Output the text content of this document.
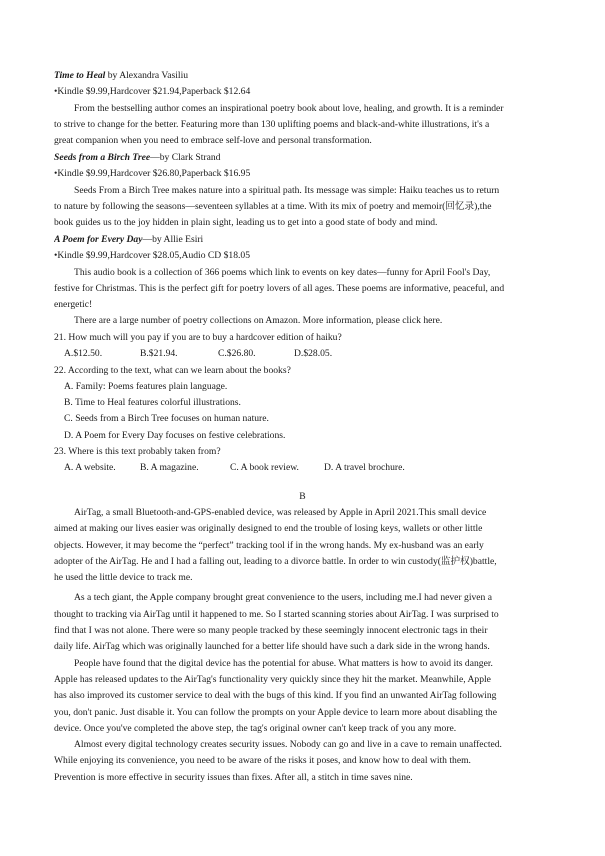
Time to Heal by Alexandra Vasiliu
•Kindle $9.99,Hardcover $21.94,Paperback $12.64
From the bestselling author comes an inspirational poetry book about love, healing, and growth. It is a reminder
to strive to change for the better. Featuring more than 130 uplifting poems and black-and-white illustrations, it's a
great companion when you need to embrace self-love and personal transformation.
Seeds from a Birch Tree—by Clark Strand
•Kindle $9.99,Hardcover $26.80,Paperback $16.95
Seeds From a Birch Tree makes nature into a spiritual path. Its message was simple: Haiku teaches us to return
to nature by following the seasons—seventeen syllables at a time. With its mix of poetry and memoir(回忆录),the
book guides us to the joy hidden in plain sight, leading us to get into a good state of body and mind.
A Poem for Every Day—by Allie Esiri
•Kindle $9.99,Hardcover $28.05,Audio CD $18.05
This audio book is a collection of 366 poems which link to events on key dates—funny for April Fool's Day,
festive for Christmas. This is the perfect gift for poetry lovers of all ages. These poems are informative, peaceful, and
energetic!
There are a large number of poetry collections on Amazon. More information, please click here.
21. How much will you pay if you are to buy a hardcover edition of haiku?
A.$12.50.	B.$21.94.	C.$26.80.	D.$28.05.
22. According to the text, what can we learn about the books?
A. Family: Poems features plain language.
B. Time to Heal features colorful illustrations.
C. Seeds from a Birch Tree focuses on human nature.
D. A Poem for Every Day focuses on festive celebrations.
23. Where is this text probably taken from?
A. A website.	B. A magazine.	C. A book review.	D. A travel brochure.
B
AirTag, a small Bluetooth-and-GPS-enabled device, was released by Apple in April 2021.This small device
aimed at making our lives easier was originally designed to end the trouble of losing keys, wallets or other little
objects. However, it may become the “perfect” tracking tool if in the wrong hands. My ex-husband was an early
adopter of the AirTag. He and I had a falling out, leading to a divorce battle. In order to win custody(监护权)battle,
he used the little device to track me.
As a tech giant, the Apple company brought great convenience to the users, including me.I had never given a
thought to tracking via AirTag until it happened to me. So I started scanning stories about AirTag. I was surprised to
find that I was not alone. There were so many people tracked by these seemingly innocent electronic tags in their
daily life. AirTag which was originally launched for a better life should have such a dark side in the wrong hands.
People have found that the digital device has the potential for abuse. What matters is how to avoid its danger.
Apple has released updates to the AirTag's functionality very quickly since they hit the market. Meanwhile, Apple
has also improved its customer service to deal with the bugs of this kind. If you find an unwanted AirTag following
you, don't panic. Just disable it. You can follow the prompts on your Apple device to learn more about disabling the
device. Once you've completed the above step, the tag's original owner can't keep track of you any more.
Almost every digital technology creates security issues. Nobody can go and live in a cave to remain unaffected.
While enjoying its convenience, you need to be aware of the risks it poses, and know how to deal with them.
Prevention is more effective in security issues than fixes. After all, a stitch in time saves nine.
